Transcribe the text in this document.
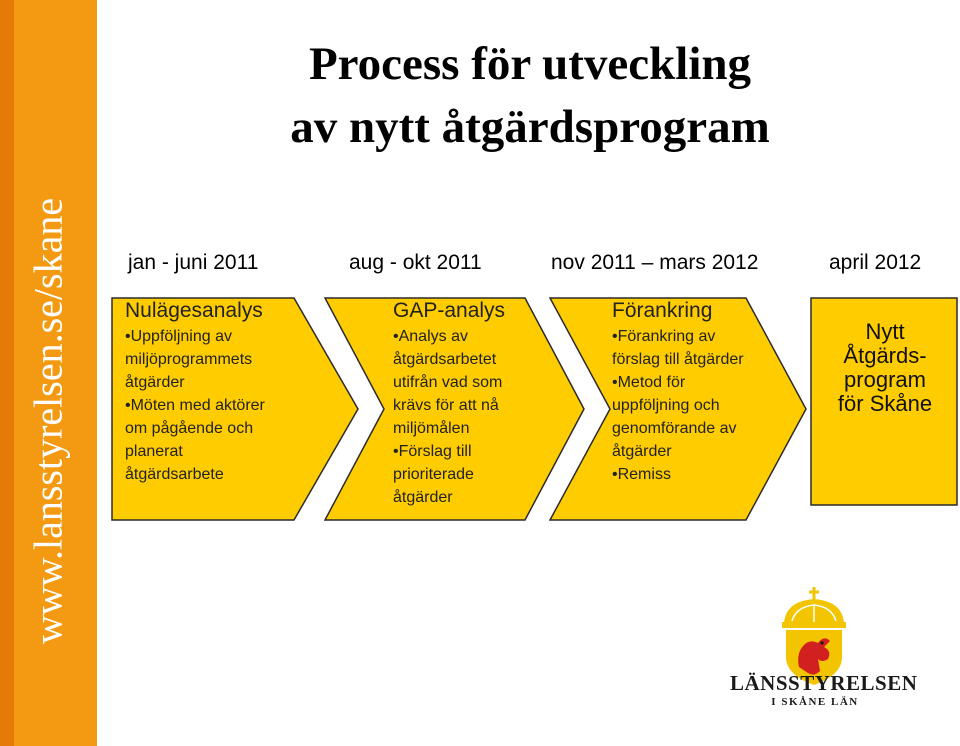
www.lansstyrelsen.se/skane
Process för utveckling
av nytt åtgärdsprogram
jan - juni 2011	aug - okt 2011	nov 2011 – mars 2012	april 2012
Nulägesanalys
•Uppföljning av
miljöprogrammets
åtgärder
•Möten med aktörer
om pågående och
planerat
åtgärdsarbete
GAP-analys
•Analys av
åtgärdsarbetet
utifrån vad som
krävs för att nå
miljömålen
•Förslag till
prioriterade
åtgärder
Förankring
•Förankring av
förslag till åtgärder
•Metod för
uppföljning och
genomförande av
åtgärder
•Remiss
Nytt
Åtgärds-
program
för Skåne
LÄNSSTYRELSEN
I SKÅNE LÄN
